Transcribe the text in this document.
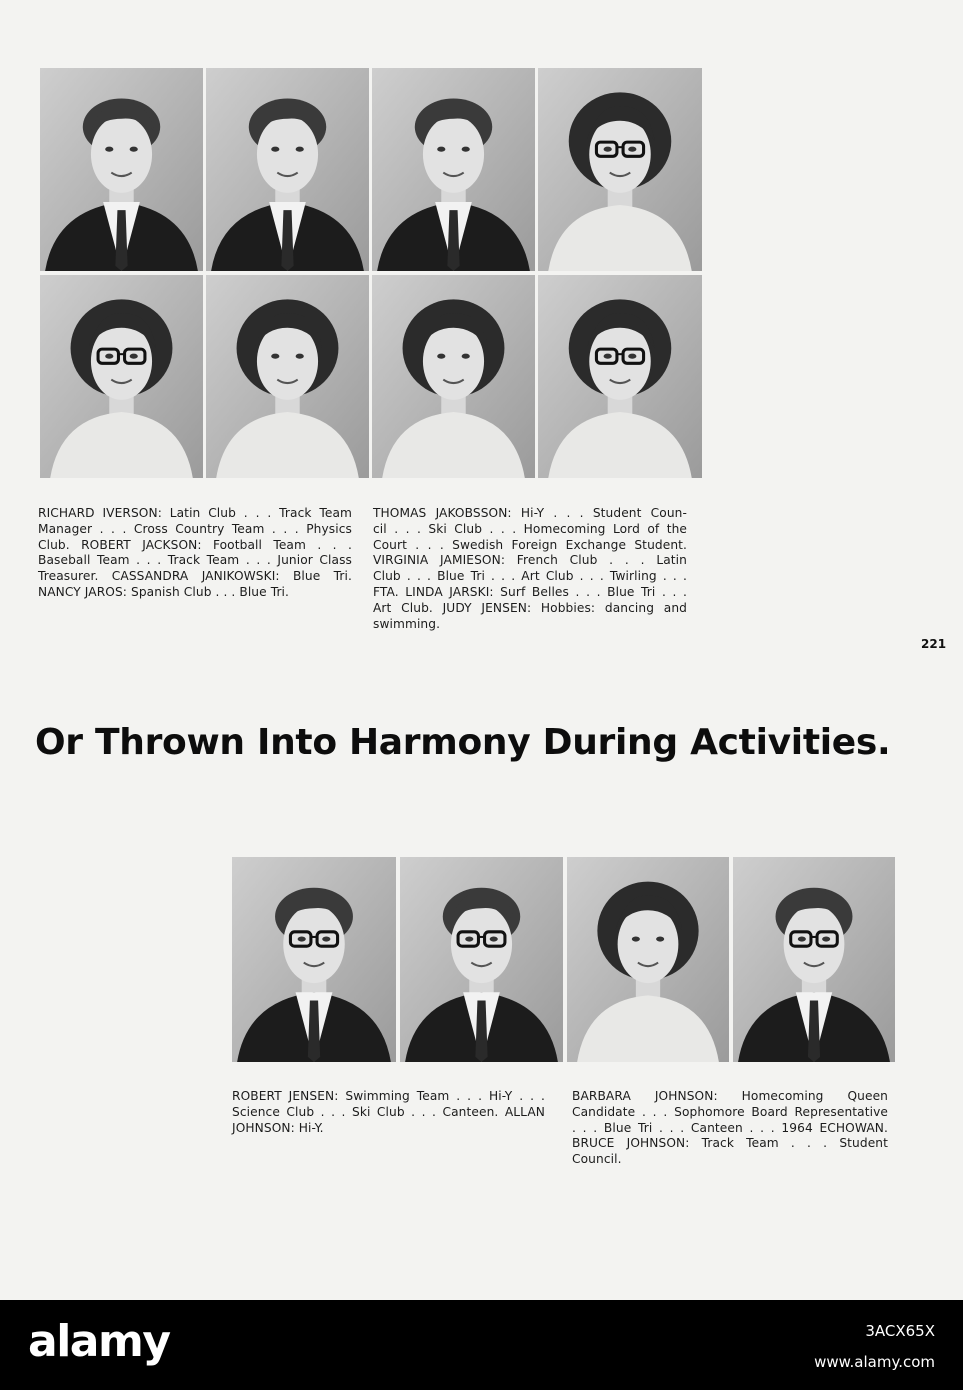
RICHARD IVERSON: Latin Club . . . Track Team
Manager . . . Cross Country Team . . . Physics
Club. ROBERT JACKSON: Football Team . . .
Baseball Team . . . Track Team . . . Junior Class
Treasurer. CASSANDRA JANIKOWSKI: Blue Tri.
NANCY JAROS: Spanish Club . . . Blue Tri.
THOMAS JAKOBSSON: Hi-Y . . . Student Coun-
cil . . . Ski Club . . . Homecoming Lord of the
Court . . . Swedish Foreign Exchange Student.
VIRGINIA JAMIESON: French Club . . . Latin
Club . . . Blue Tri . . . Art Club . . . Twirling . . .
FTA. LINDA JARSKI: Surf Belles . . . Blue Tri . . .
Art Club. JUDY JENSEN: Hobbies: dancing and
swimming.
221
Or Thrown Into Harmony During Activities.
ROBERT JENSEN: Swimming Team . . . Hi-Y . . .
Science Club . . . Ski Club . . . Canteen. ALLAN
JOHNSON: Hi-Y.
BARBARA JOHNSON: Homecoming Queen
Candidate . . . Sophomore Board Representative
. . . Blue Tri . . . Canteen . . . 1964 ECHOWAN.
BRUCE JOHNSON: Track Team . . . Student
Council.
alamy	3ACX65X
www.alamy.com
